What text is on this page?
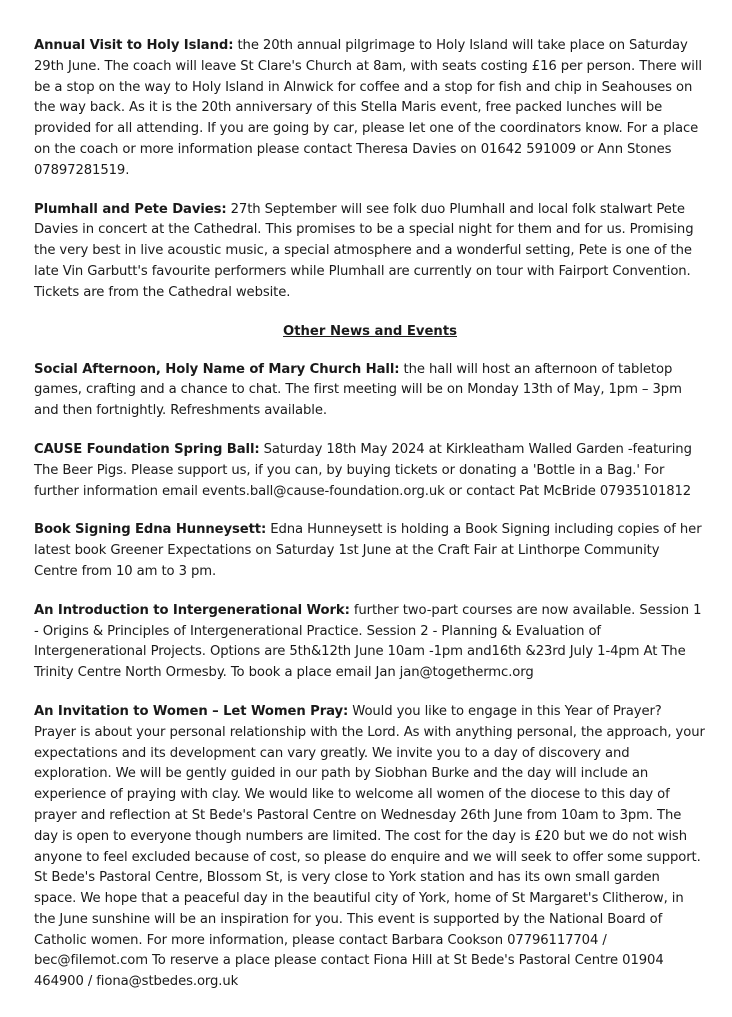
Annual Visit to Holy Island: the 20th annual pilgrimage to Holy Island will take place on Saturday 29th June. The coach will leave St Clare's Church at 8am, with seats costing £16 per person. There will be a stop on the way to Holy Island in Alnwick for coffee and a stop for fish and chip in Seahouses on the way back. As it is the 20th anniversary of this Stella Maris event, free packed lunches will be provided for all attending. If you are going by car, please let one of the coordinators know. For a place on the coach or more information please contact Theresa Davies on 01642 591009 or Ann Stones 07897281519.

Plumhall and Pete Davies: 27th September will see folk duo Plumhall and local folk stalwart Pete Davies in concert at the Cathedral. This promises to be a special night for them and for us. Promising the very best in live acoustic music, a special atmosphere and a wonderful setting, Pete is one of the late Vin Garbutt's favourite performers while Plumhall are currently on tour with Fairport Convention. Tickets are from the Cathedral website.

Other News and Events

Social Afternoon, Holy Name of Mary Church Hall: the hall will host an afternoon of tabletop games, crafting and a chance to chat. The first meeting will be on Monday 13th of May, 1pm – 3pm and then fortnightly. Refreshments available.

CAUSE Foundation Spring Ball: Saturday 18th May 2024 at Kirkleatham Walled Garden -featuring The Beer Pigs. Please support us, if you can, by buying tickets or donating a 'Bottle in a Bag.' For further information email events.ball@cause-foundation.org.uk or contact Pat McBride 07935101812

Book Signing Edna Hunneysett: Edna Hunneysett is holding a Book Signing including copies of her latest book Greener Expectations on Saturday 1st June at the Craft Fair at Linthorpe Community Centre from 10 am to 3 pm.

An Introduction to Intergenerational Work: further two-part courses are now available. Session 1 - Origins & Principles of Intergenerational Practice. Session 2 - Planning & Evaluation of Intergenerational Projects. Options are 5th&12th June 10am -1pm and16th &23rd July 1-4pm At The Trinity Centre North Ormesby. To book a place email Jan jan@togethermc.org

An Invitation to Women – Let Women Pray: Would you like to engage in this Year of Prayer? Prayer is about your personal relationship with the Lord. As with anything personal, the approach, your expectations and its development can vary greatly. We invite you to a day of discovery and exploration. We will be gently guided in our path by Siobhan Burke and the day will include an experience of praying with clay. We would like to welcome all women of the diocese to this day of prayer and reflection at St Bede's Pastoral Centre on Wednesday 26th June from 10am to 3pm. The day is open to everyone though numbers are limited. The cost for the day is £20 but we do not wish anyone to feel excluded because of cost, so please do enquire and we will seek to offer some support.
St Bede's Pastoral Centre, Blossom St, is very close to York station and has its own small garden space. We hope that a peaceful day in the beautiful city of York, home of St Margaret's Clitherow, in the June sunshine will be an inspiration for you. This event is supported by the National Board of Catholic women. For more information, please contact Barbara Cookson 07796117704 / bec@filemot.com To reserve a place please contact Fiona Hill at St Bede's Pastoral Centre 01904 464900 / fiona@stbedes.org.uk
